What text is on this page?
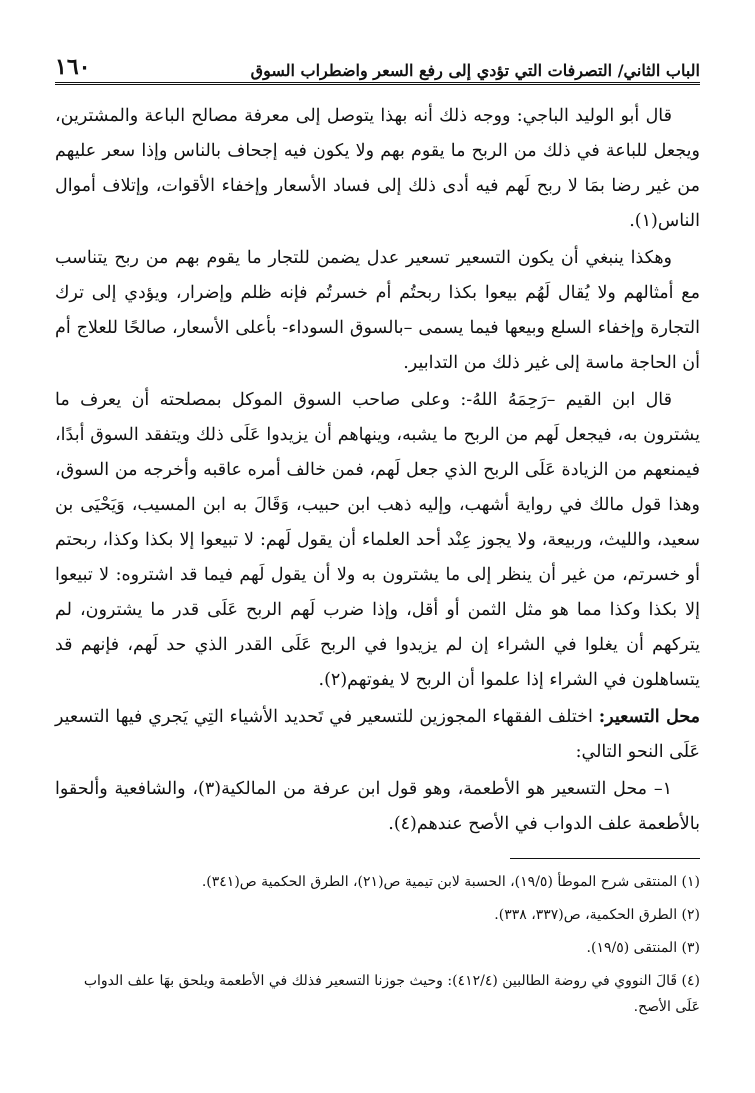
١٦٠	الباب الثاني/ التصرفات التي تؤدي إلى رفع السعر واضطراب السوق

قال أبو الوليد الباجي: ووجه ذلك أنه بهذا يتوصل إلى معرفة مصالح الباعة والمشترين، ويجعل للباعة في ذلك من الربح ما يقوم بهم ولا يكون فيه إجحاف بالناس وإذا سعر عليهم من غير رضا بمَا لا ربح لَهم فيه أدى ذلك إلى فساد الأسعار وإخفاء الأقوات، وإتلاف أموال الناس(١).

وهكذا ينبغي أن يكون التسعير تسعير عدل يضمن للتجار ما يقوم بهم من ربح يتناسب مع أمثالهم ولا يُقال لَهُم بيعوا بكذا ربحتُم أم خسرتُم فإنه ظلم وإضرار، ويؤدي إلى ترك التجارة وإخفاء السلع وبيعها فيما يسمى –بالسوق السوداء- بأعلى الأسعار، صالحًا للعلاج أم أن الحاجة ماسة إلى غير ذلك من التدابير.

قال ابن القيم –رَحِمَهُ اللهُ-: وعلى صاحب السوق الموكل بمصلحته أن يعرف ما يشترون به، فيجعل لَهم من الربح ما يشبه، وينهاهم أن يزيدوا عَلَى ذلك ويتفقد السوق أبدًا، فيمنعهم من الزيادة عَلَى الربح الذي جعل لَهم، فمن خالف أمره عاقبه وأخرجه من السوق، وهذا قول مالك في رواية أشهب، وإليه ذهب ابن حبيب، وَقَالَ به ابن المسيب، وَيَحْيَى بن سعيد، والليث، وربيعة، ولا يجوز عِنْد أحد العلماء أن يقول لَهم: لا تبيعوا إلا بكذا وكذا، ربحتم أو خسرتم، من غير أن ينظر إلى ما يشترون به ولا أن يقول لَهم فيما قد اشتروه: لا تبيعوا إلا بكذا وكذا مما هو مثل الثمن أو أقل، وإذا ضرب لَهم الربح عَلَى قدر ما يشترون، لم يتركهم أن يغلوا في الشراء إن لم يزيدوا في الربح عَلَى القدر الذي حد لَهم، فإنهم قد يتساهلون في الشراء إذا علموا أن الربح لا يفوتهم(٢).

محل التسعير: اختلف الفقهاء المجوزين للتسعير في تَحديد الأشياء التِي يَجري فيها التسعير عَلَى النحو التالي:

١– محل التسعير هو الأطعمة، وهو قول ابن عرفة من المالكية(٣)، والشافعية وألحقوا بالأطعمة علف الدواب في الأصح عندهم(٤).

(١) المنتقى شرح الموطأ (١٩/٥)، الحسبة لابن تيمية ص(٢١)، الطرق الحكمية ص(٣٤١).
(٢) الطرق الحكمية، ص(٣٣٧، ٣٣٨).
(٣) المنتقى (١٩/٥).
(٤) قَالَ النووي في روضة الطالبين (٤١٢/٤): وحيث جوزنا التسعير فذلك في الأطعمة ويلحق بهَا علف الدواب عَلَى الأصح.
